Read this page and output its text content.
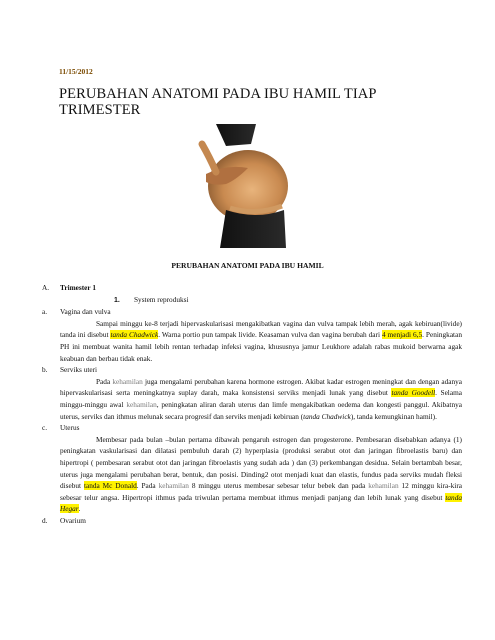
11/15/2012
PERUBAHAN ANATOMI PADA IBU HAMIL TIAP TRIMESTER
PERUBAHAN ANATOMI PADA IBU HAMIL
A. Trimester 1
1. System reproduksi
a. Vagina dan vulva
Sampai minggu ke-8 terjadi hipervaskularisasi mengakibatkan vagina dan vulva tampak lebih merah, agak kebiruan(livide) tanda ini disebut tanda Chadwick. Warna portio pun tampak livide. Keasaman vulva dan vagina berubah dari 4 menjadi 6,5. Peningkatan PH ini membuat wanita hamil lebih rentan terhadap infeksi vagina, khususnya jamur Leukhore adalah rabas mukoid berwarna agak keabuan dan berbau tidak enak.
b. Serviks uteri
Pada kehamilan juga mengalami perubahan karena hormone estrogen. Akibat kadar estrogen meningkat dan dengan adanya hipervaskularisasi serta meningkatnya suplay darah, maka konsistensi serviks menjadi lunak yang disebut tanda Goodell. Selama minggu-minggu awal kehamilan, peningkatan aliran darah uterus dan limfe mengakibatkan oedema dan kongesti panggul. Akibatnya uterus, serviks dan ithmus melunak secara progresif dan serviks menjadi kebiruan (tanda Chadwick), tanda kemungkinan hamil).
c. Uterus
Membesar pada bulan –bulan pertama dibawah pengaruh estrogen dan progesterone. Pembesaran disebabkan adanya (1) peningkatan vaskularisasi dan dilatasi pembuluh darah (2) hyperplasia (produksi serabut otot dan jaringan fibroelastis baru) dan hipertropi ( pembesaran serabut otot dan jaringan fibroelastis yang sudah ada ) dan (3) perkembangan desidua. Selain bertambah besar, uterus juga mengalami perubahan berat, bentuk, dan posisi. Dinding2 otot menjadi kuat dan elastis, fundus pada serviks mudah fleksi disebut tanda Mc Donald. Pada kehamilan 8 minggu uterus membesar sebesar telur bebek dan pada kehamilan 12 minggu kira-kira sebesar telur angsa. Hipertropi ithmus pada triwulan pertama membuat ithmus menjadi panjang dan lebih lunak yang disebut tanda Hegar.
d. Ovarium
